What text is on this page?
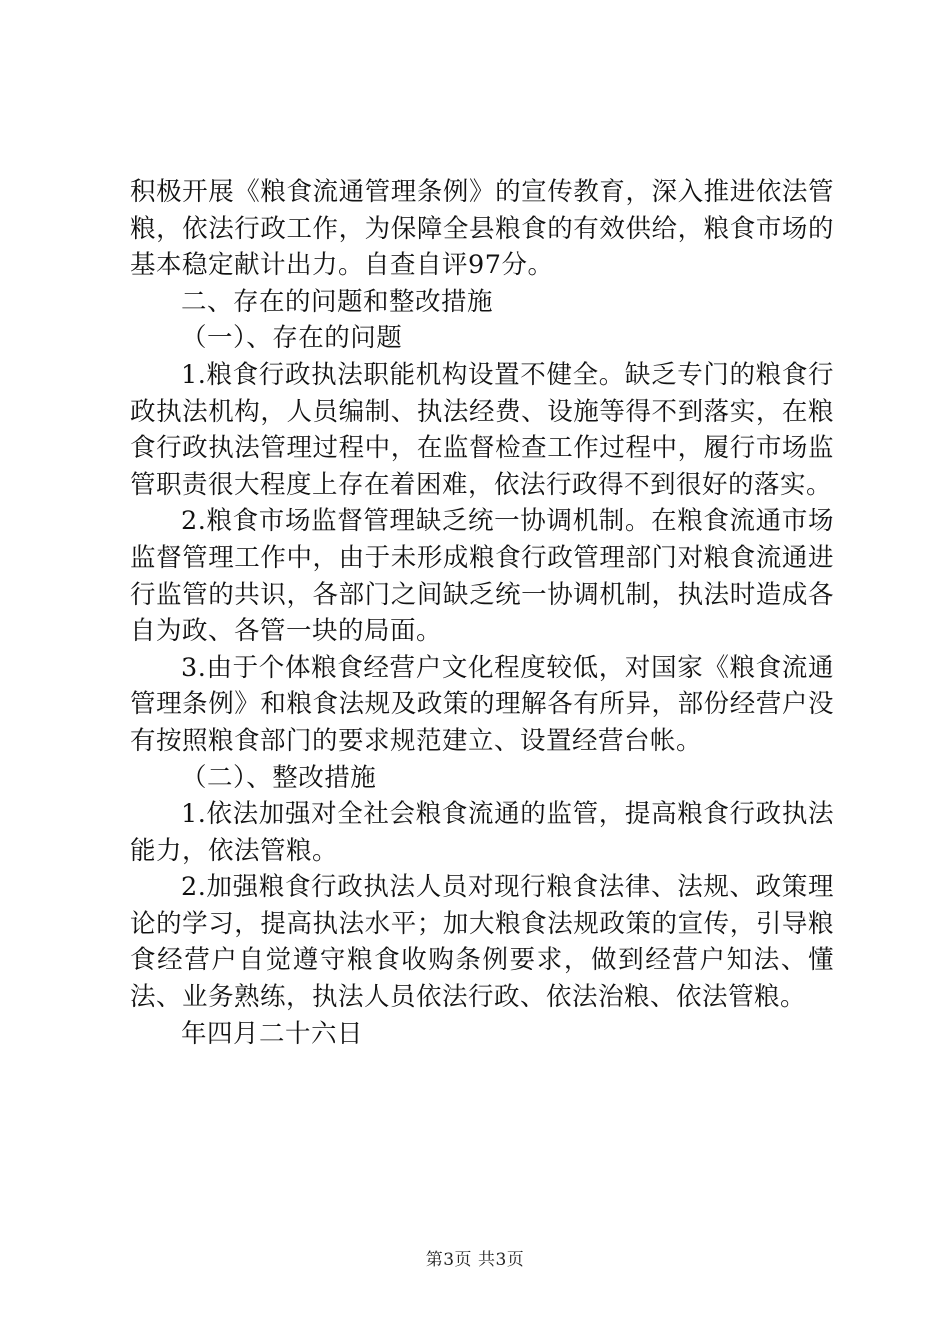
积极开展《粮食流通管理条例》的宣传教育，深入推进依法管粮，依法行政工作，为保障全县粮食的有效供给，粮食市场的基本稳定献计出力。自查自评97分。

二、存在的问题和整改措施

（一）、存在的问题

1.粮食行政执法职能机构设置不健全。缺乏专门的粮食行政执法机构，人员编制、执法经费、设施等得不到落实，在粮食行政执法管理过程中，在监督检查工作过程中，履行市场监管职责很大程度上存在着困难，依法行政得不到很好的落实。

2.粮食市场监督管理缺乏统一协调机制。在粮食流通市场监督管理工作中，由于未形成粮食行政管理部门对粮食流通进行监管的共识，各部门之间缺乏统一协调机制，执法时造成各自为政、各管一块的局面。

3.由于个体粮食经营户文化程度较低，对国家《粮食流通管理条例》和粮食法规及政策的理解各有所异，部份经营户没有按照粮食部门的要求规范建立、设置经营台帐。

（二）、整改措施

1.依法加强对全社会粮食流通的监管，提高粮食行政执法能力，依法管粮。

2.加强粮食行政执法人员对现行粮食法律、法规、政策理论的学习，提高执法水平；加大粮食法规政策的宣传，引导粮食经营户自觉遵守粮食收购条例要求，做到经营户知法、懂法、业务熟练，执法人员依法行政、依法治粮、依法管粮。

年四月二十六日

第3页 共3页
